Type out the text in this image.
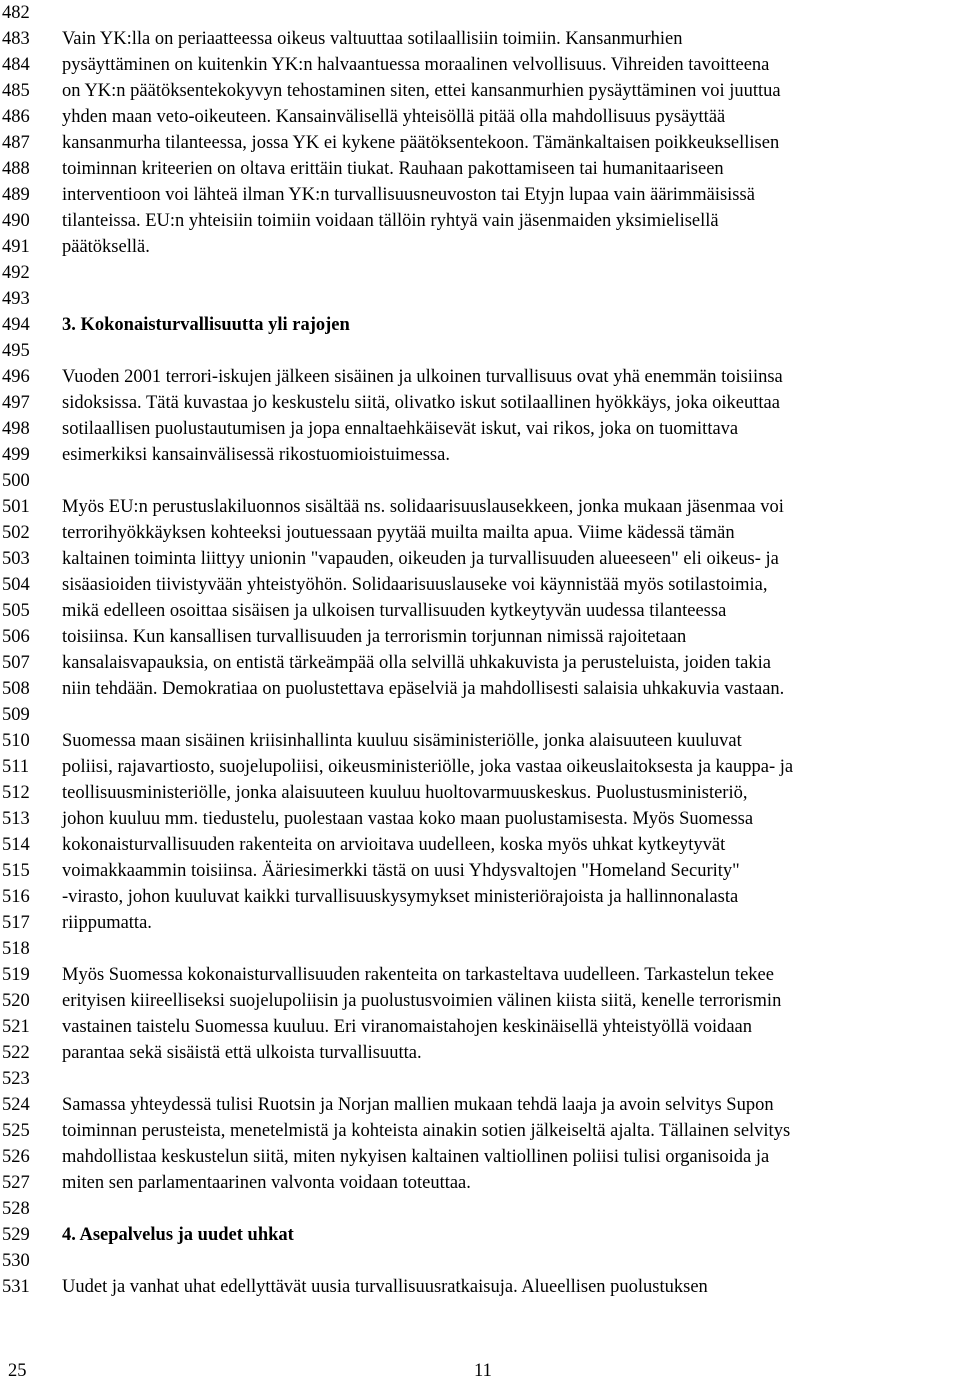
482
483	Vain YK:lla on periaatteessa oikeus valtuuttaa sotilaallisiin toimiin. Kansanmurhien
484	pysäyttäminen on kuitenkin YK:n halvaantuessa moraalinen velvollisuus. Vihreiden tavoitteena
485	on YK:n päätöksentekokyvyn tehostaminen siten, ettei kansanmurhien pysäyttäminen voi juuttua
486	yhden maan veto-oikeuteen. Kansainvälisellä yhteisöllä pitää olla mahdollisuus pysäyttää
487	kansanmurha tilanteessa, jossa YK ei kykene päätöksentekoon. Tämänkaltaisen poikkeuksellisen
488	toiminnan kriteerien on oltava erittäin tiukat. Rauhaan pakottamiseen tai humanitaariseen
489	interventioon voi lähteä ilman YK:n turvallisuusneuvoston tai Etyjn lupaa vain äärimmäisissä
490	tilanteissa. EU:n yhteisiin toimiin voidaan tällöin ryhtyä vain jäsenmaiden yksimielisellä
491	päätöksellä.
492
493
494	3. Kokonaisturvallisuutta yli rajojen
495
496	Vuoden 2001 terrori-iskujen jälkeen sisäinen ja ulkoinen turvallisuus ovat yhä enemmän toisiinsa
497	sidoksissa. Tätä kuvastaa jo keskustelu siitä, olivatko iskut sotilaallinen hyökkäys, joka oikeuttaa
498	sotilaallisen puolustautumisen ja jopa ennaltaehkäisevät iskut, vai rikos, joka on tuomittava
499	esimerkiksi kansainvälisessä rikostuomioistuimessa.
500
501	Myös EU:n perustuslakiluonnos sisältää ns. solidaarisuuslausekkeen, jonka mukaan jäsenmaa voi
502	terrorihyökkäyksen kohteeksi joutuessaan pyytää muilta mailta apua. Viime kädessä tämän
503	kaltainen toiminta liittyy unionin "vapauden, oikeuden ja turvallisuuden alueeseen" eli oikeus- ja
504	sisäasioiden tiivistyvään yhteistyöhön. Solidaarisuuslauseke voi käynnistää myös sotilastoimia,
505	mikä edelleen osoittaa sisäisen ja ulkoisen turvallisuuden kytkeytyvän uudessa tilanteessa
506	toisiinsa. Kun kansallisen turvallisuuden ja terrorismin torjunnan nimissä rajoitetaan
507	kansalaisvapauksia, on entistä tärkeämpää olla selvillä uhkakuvista ja perusteluista, joiden takia
508	niin tehdään. Demokratiaa on puolustettava epäselviä ja mahdollisesti salaisia uhkakuvia vastaan.
509
510	Suomessa maan sisäinen kriisinhallinta kuuluu sisäministeriölle, jonka alaisuuteen kuuluvat
511	poliisi, rajavartiosto, suojelupoliisi, oikeusministeriölle, joka vastaa oikeuslaitoksesta ja kauppa- ja
512	teollisuusministeriölle, jonka alaisuuteen kuuluu huoltovarmuuskeskus. Puolustusministeriö,
513	johon kuuluu mm. tiedustelu, puolestaan vastaa koko maan puolustamisesta. Myös Suomessa
514	kokonaisturvallisuuden rakenteita on arvioitava uudelleen, koska myös uhkat kytkeytyvät
515	voimakkaammin toisiinsa. Ääriesimerkki tästä on uusi Yhdysvaltojen "Homeland Security"
516	-virasto, johon kuuluvat kaikki turvallisuuskysymykset ministeriörajoista ja hallinnonalasta
517	riippumatta.
518
519	Myös Suomessa kokonaisturvallisuuden rakenteita on tarkasteltava uudelleen. Tarkastelun tekee
520	erityisen kiireelliseksi suojelupoliisin ja puolustusvoimien välinen kiista siitä, kenelle terrorismin
521	vastainen taistelu Suomessa kuuluu. Eri viranomaistahojen keskinäisellä yhteistyöllä voidaan
522	parantaa sekä sisäistä että ulkoista turvallisuutta.
523
524	Samassa yhteydessä tulisi Ruotsin ja Norjan mallien mukaan tehdä laaja ja avoin selvitys Supon
525	toiminnan perusteista, menetelmistä ja kohteista ainakin sotien jälkeiseltä ajalta. Tällainen selvitys
526	mahdollistaa keskustelun siitä, miten nykyisen kaltainen valtiollinen poliisi tulisi organisoida ja
527	miten sen parlamentaarinen valvonta voidaan toteuttaa.
528
529	4. Asepalvelus ja uudet uhkat
530
531	Uudet ja vanhat uhat edellyttävät uusia turvallisuusratkaisuja. Alueellisen puolustuksen
25	11
